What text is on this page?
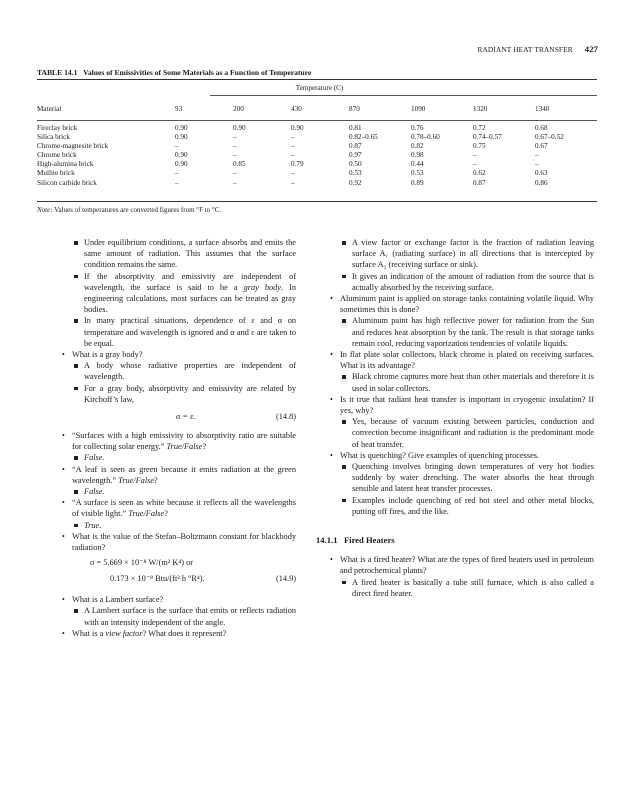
RADIANT HEAT TRANSFER 427
TABLE 14.1 Values of Emissivities of Some Materials as a Function of Temperature
Temperature (C)
Material	93	200	430	870	1090	1320	1340
Fireclay brick	0.90	0.90	0.90	0.81	0.76	0.72	0.68
Silica brick	0.90	–	–	0.82–0.65	0.78–0.60	0.74–0.57	0.67–0.52
Chrome-magnesite brick	–	–	–	0.87	0.82	0.75	0.67
Chrome brick	0.90	–	–	0.97	0.98	–	–
High-alumina brick	0.90	0.85	0.79	0.50	0.44	–	–
Mullite brick	–	–	–	0.53	0.53	0.62	0.63
Silicon carbide brick	–	–	–	0.92	0.89	0.87	0.86
Note: Values of temperatures are converted figures from °F to °C.

Under equilibrium conditions, a surface absorbs and emits the same amount of radiation. This assumes that the surface condition remains the same.

If the absorptivity and emissivity are independent of wavelength, the surface is said to be a gray body. In engineering calculations, most surfaces can be treated as gray bodies.

In many practical situations, dependence of ε and α on temperature and wavelength is ignored and α and ε are taken to be equal.

• What is a gray body?

A body whose radiative properties are independent of wavelength.

For a gray body, absorptivity and emissivity are related by Kirchoff’s law,

α = ε.	(14.8)

• “Surfaces with a high emissivity to absorptivity ratio are suitable for collecting solar energy.” True/False?

False.

• “A leaf is seen as green because it emits radiation at the green wavelength.” True/False?

False.

• “A surface is seen as white because it reflects all the wavelengths of visible light.” True/False?

True.

• What is the value of the Stefan–Boltzmann constant for blackbody radiation?

σ = 5.669 × 10⁻⁸ W/(m² K⁴) or
0.173 × 10⁻⁸ Btu/(ft² h °R⁴).	(14.9)

• What is a Lambert surface?

A Lambert surface is the surface that emits or reflects radiation with an intensity independent of the angle.

• What is a view factor? What does it represent?

A view factor or exchange factor is the fraction of radiation leaving surface A₁ (radiating surface) in all directions that is intercepted by surface A₂ (receiving surface or sink).

It gives an indication of the amount of radiation from the source that is actually absorbed by the receiving surface.

• Aluminum paint is applied on storage tanks containing volatile liquid. Why sometimes this is done?

Aluminum paint has high reflective power for radiation from the Sun and reduces heat absorption by the tank. The result is that storage tanks remain cool, reducing vaporization tendencies of volatile liquids.

• In flat plate solar collectors, black chrome is plated on receiving surfaces. What is its advantage?

Black chrome captures more heat than other materials and therefore it is used in solar collectors.

• Is it true that radiant heat transfer is important in cryogenic insulation? If yes, why?

Yes, because of vacuum existing between particles, conduction and convection become insignificant and radiation is the predominant mode of heat transfer.

• What is quenching? Give examples of quenching processes.

Quenching involves bringing down temperatures of very hot bodies suddenly by water drenching. The water absorbs the heat through sensible and latent heat transfer processes.

Examples include quenching of red hot steel and other metal blocks, putting off fires, and the like.

14.1.1 Fired Heaters

• What is a fired heater? What are the types of fired heaters used in petroleum and petrochemical plants?

A fired heater is basically a tube still furnace, which is also called a direct fired heater.
